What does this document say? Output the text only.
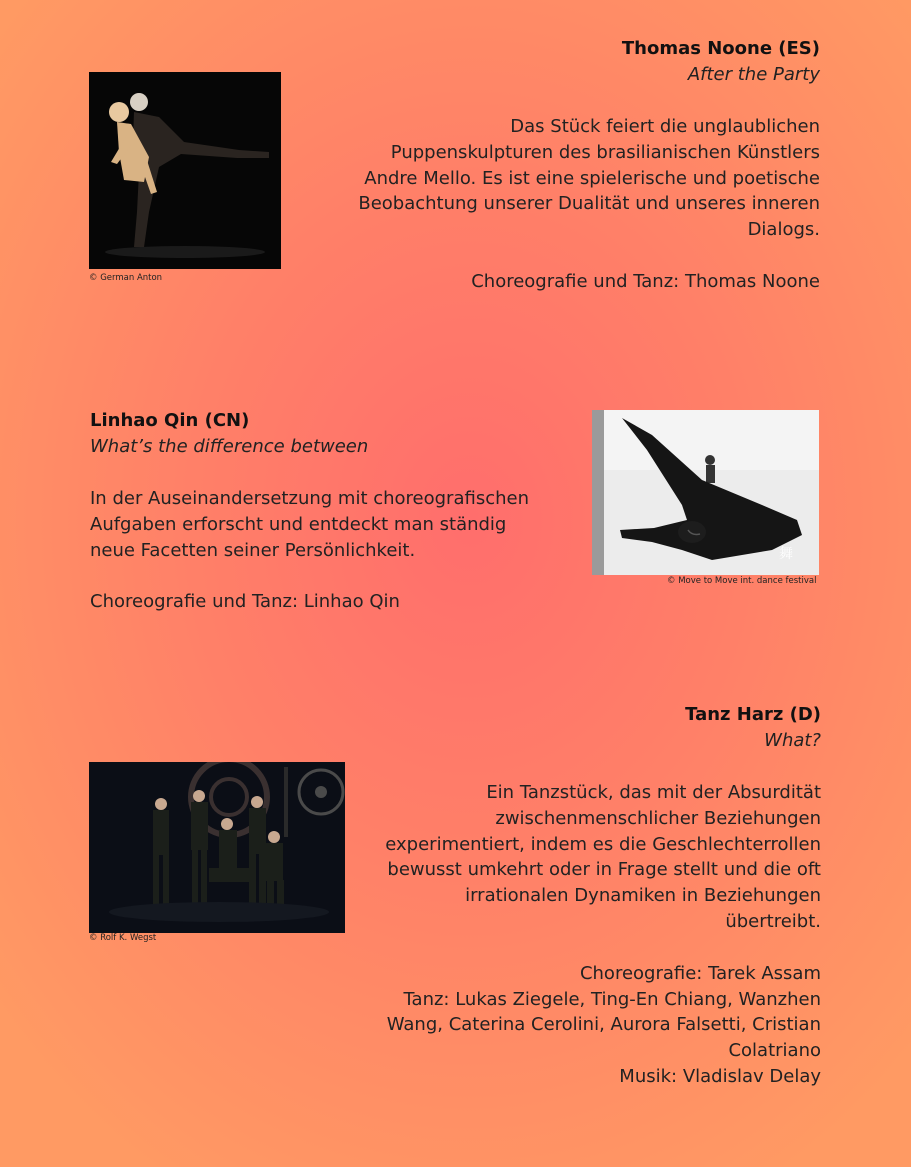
© German Anton
Thomas Noone (ES)
After the Party
Das Stück feiert die unglaublichen
Puppenskulpturen des brasilianischen Künstlers
Andre Mello. Es ist eine spielerische und poetische
Beobachtung unserer Dualität und unseres inneren
Dialogs.
Choreografie und Tanz: Thomas Noone
Linhao Qin (CN)
What’s the difference between
In der Auseinandersetzung mit choreografischen
Aufgaben erforscht und entdeckt man ständig
neue Facetten seiner Persönlichkeit.
Choreografie und Tanz: Linhao Qin
舞
© Move to Move int. dance festival
© Rolf K. Wegst
Tanz Harz (D)
What?
Ein Tanzstück, das mit der Absurdität
zwischenmenschlicher Beziehungen
experimentiert, indem es die Geschlechterrollen
bewusst umkehrt oder in Frage stellt und die oft
irrationalen Dynamiken in Beziehungen
übertreibt.
Choreografie: Tarek Assam
Tanz: Lukas Ziegele, Ting-En Chiang, Wanzhen
Wang, Caterina Cerolini, Aurora Falsetti, Cristian
Colatriano
Musik: Vladislav Delay
